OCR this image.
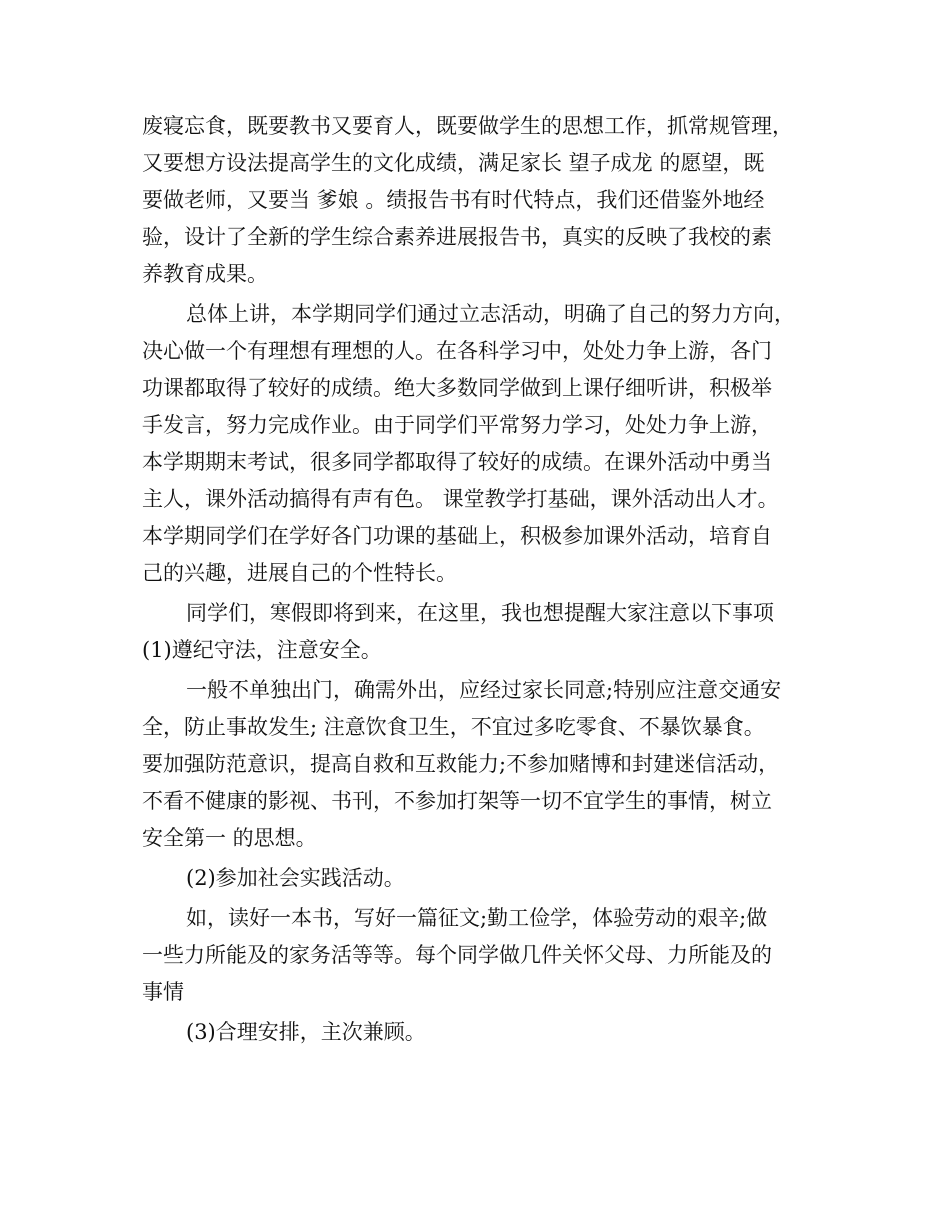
废寝忘食，既要教书又要育人，既要做学生的思想工作，抓常规管理，
又要想方设法提高学生的文化成绩，满足家长 望子成龙 的愿望，既
要做老师，又要当 爹娘 。绩报告书有时代特点，我们还借鉴外地经
验，设计了全新的学生综合素养进展报告书，真实的反映了我校的素
养教育成果。
总体上讲，本学期同学们通过立志活动，明确了自己的努力方向，
决心做一个有理想有理想的人。在各科学习中，处处力争上游，各门
功课都取得了较好的成绩。绝大多数同学做到上课仔细听讲，积极举
手发言，努力完成作业。由于同学们平常努力学习，处处力争上游，
本学期期末考试，很多同学都取得了较好的成绩。在课外活动中勇当
主人，课外活动搞得有声有色。 课堂教学打基础，课外活动出人才。
本学期同学们在学好各门功课的基础上，积极参加课外活动，培育自
己的兴趣，进展自己的个性特长。
同学们，寒假即将到来，在这里，我也想提醒大家注意以下事项
(1)遵纪守法，注意安全。
一般不单独出门，确需外出，应经过家长同意;特别应注意交通安
全，防止事故发生; 注意饮食卫生，不宜过多吃零食、不暴饮暴食。
要加强防范意识，提高自救和互救能力;不参加赌博和封建迷信活动，
不看不健康的影视、书刊，不参加打架等一切不宜学生的事情，树立
安全第一 的思想。
(2)参加社会实践活动。
如，读好一本书，写好一篇征文;勤工俭学，体验劳动的艰辛;做
一些力所能及的家务活等等。每个同学做几件关怀父母、力所能及的
事情
(3)合理安排，主次兼顾。
